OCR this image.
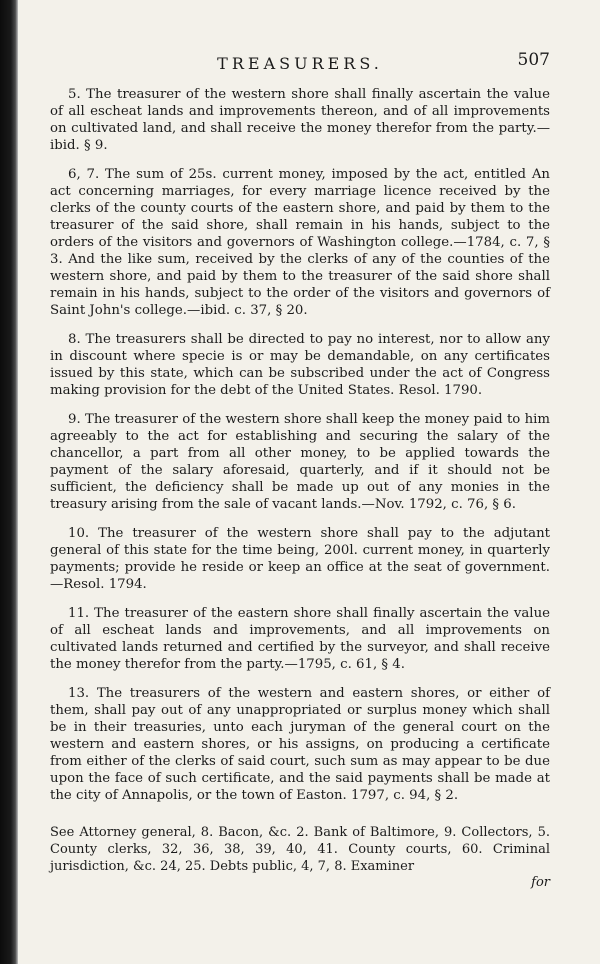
TREASURERS.	507

5. The treasurer of the western shore shall finally ascertain the value of all escheat lands and improvements thereon, and of all improvements on cultivated land, and shall receive the money therefor from the party.—ibid. § 9.

6, 7. The sum of 25s. current money, imposed by the act, entitled An act concerning marriages, for every marriage licence received by the clerks of the county courts of the eastern shore, and paid by them to the treasurer of the said shore, shall remain in his hands, subject to the orders of the visitors and governors of Washington college.—1784, c. 7, § 3. And the like sum, received by the clerks of any of the counties of the western shore, and paid by them to the treasurer of the said shore shall remain in his hands, subject to the order of the visitors and governors of Saint John's college.—ibid. c. 37, § 20.

8. The treasurers shall be directed to pay no interest, nor to allow any in discount where specie is or may be demandable, on any certificates issued by this state, which can be subscribed under the act of Congress making provision for the debt of the United States. Resol. 1790.

9. The treasurer of the western shore shall keep the money paid to him agreeably to the act for establishing and securing the salary of the chancellor, a part from all other money, to be applied towards the payment of the salary aforesaid, quarterly, and if it should not be sufficient, the deficiency shall be made up out of any monies in the treasury arising from the sale of vacant lands.—Nov. 1792, c. 76, § 6.

10. The treasurer of the western shore shall pay to the adjutant general of this state for the time being, 200l. current money, in quarterly payments; provide he reside or keep an office at the seat of government.—Resol. 1794.

11. The treasurer of the eastern shore shall finally ascertain the value of all escheat lands and improvements, and all improvements on cultivated lands returned and certified by the surveyor, and shall receive the money therefor from the party.—1795, c. 61, § 4.

13. The treasurers of the western and eastern shores, or either of them, shall pay out of any unappropriated or surplus money which shall be in their treasuries, unto each juryman of the general court on the western and eastern shores, or his assigns, on producing a certificate from either of the clerks of said court, such sum as may appear to be due upon the face of such certificate, and the said payments shall be made at the city of Annapolis, or the town of Easton. 1797, c. 94, § 2.

See Attorney general, 8. Bacon, &c. 2. Bank of Baltimore, 9. Collectors, 5. County clerks, 32, 36, 38, 39, 40, 41. County courts, 60. Criminal jurisdiction, &c. 24, 25. Debts public, 4, 7, 8. Examiner
for
